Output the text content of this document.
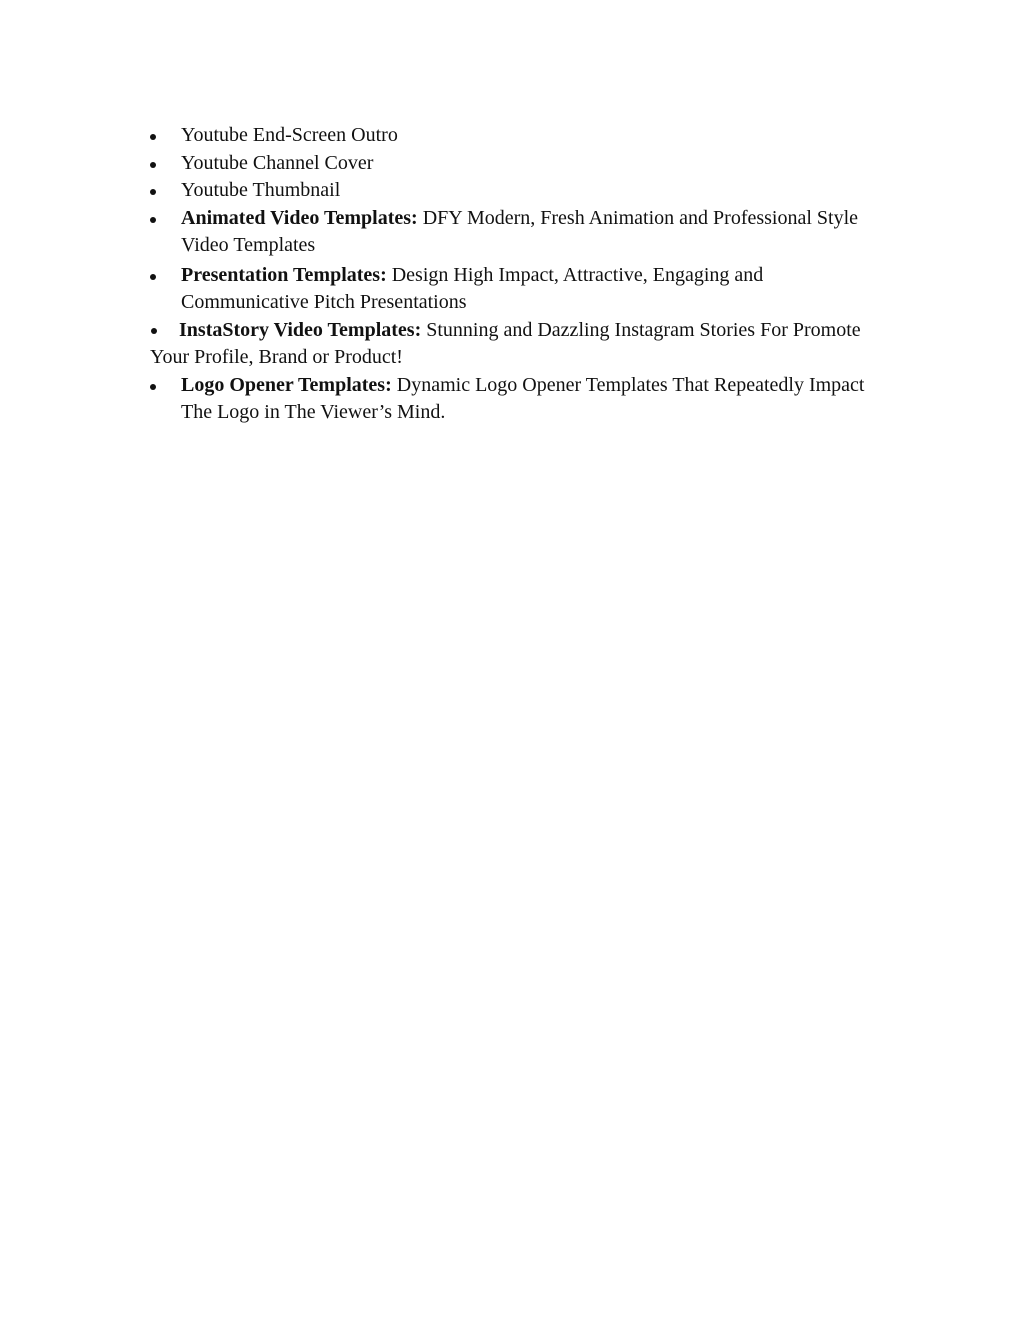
Youtube End-Screen Outro
Youtube Channel Cover
Youtube Thumbnail
Animated Video Templates: DFY Modern, Fresh Animation and Professional Style Video Templates
Presentation Templates: Design High Impact, Attractive, Engaging and Communicative Pitch Presentations
InstaStory Video Templates: Stunning and Dazzling Instagram Stories For Promote Your Profile, Brand or Product!
Logo Opener Templates: Dynamic Logo Opener Templates That Repeatedly Impact The Logo in The Viewer’s Mind.
